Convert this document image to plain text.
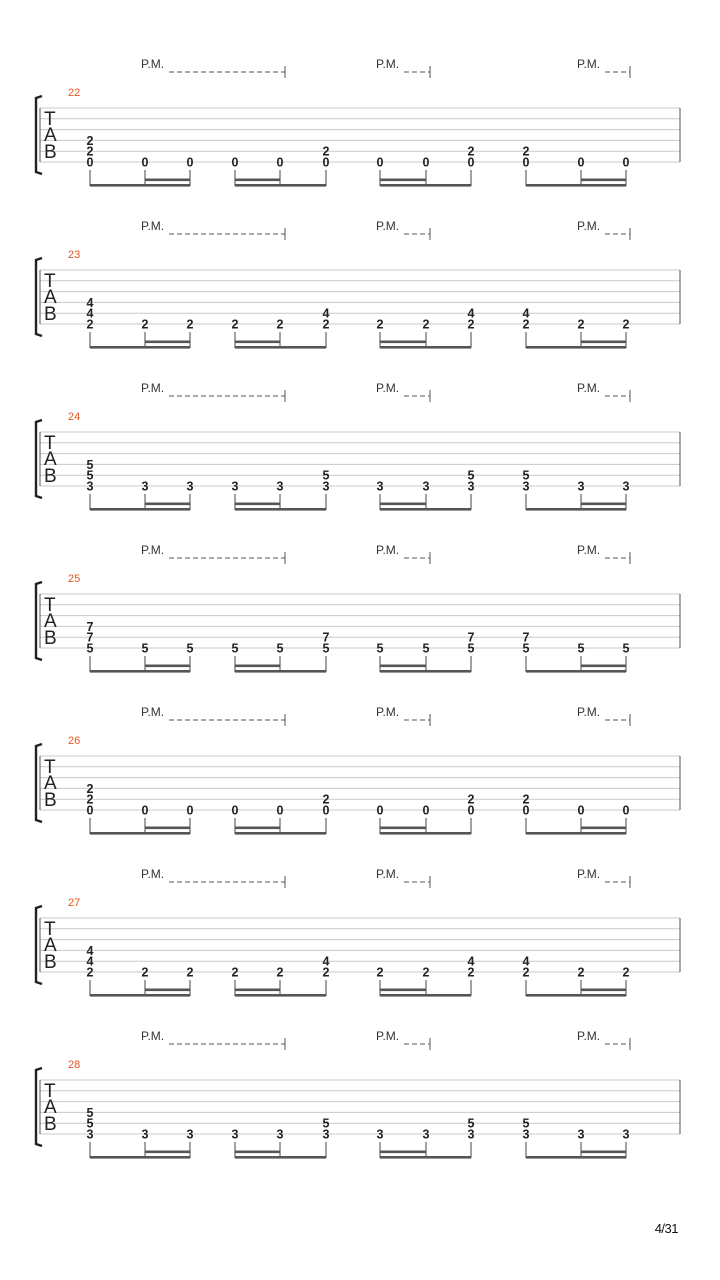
P.M.	P.M.	P.M.
22
T
A
B 0
2
2
0	0	0	0	0
2
0	0	0
2
0
2
0	0
P.M.	P.M.	P.M.
23
T
A
B 2
4
4
2	2	2	2	2
4
2	2	2
4
2
4
2	2
P.M.	P.M.	P.M.
24
T
A
B 3
5
5
3	3	3	3	3
5
3	3	3
5
3
5
3	3
P.M.	P.M.	P.M.
25
T
A
B 5
7
7
5	5	5	5	5
7
5	5	5
7
5
7
5	5
P.M.	P.M.	P.M.
26
T
A
B 0
2
2
0	0	0	0	0
2
0	0	0
2
0
2
0	0
P.M.	P.M.	P.M.
27
T
A
B 2
4
4
2	2	2	2	2
4
2	2	2
4
2
4
2	2
P.M.	P.M.	P.M.
28
T
A
B 3
5
5
3	3	3	3	3
5
3	3	3
5
3
5
3	3
4/31
